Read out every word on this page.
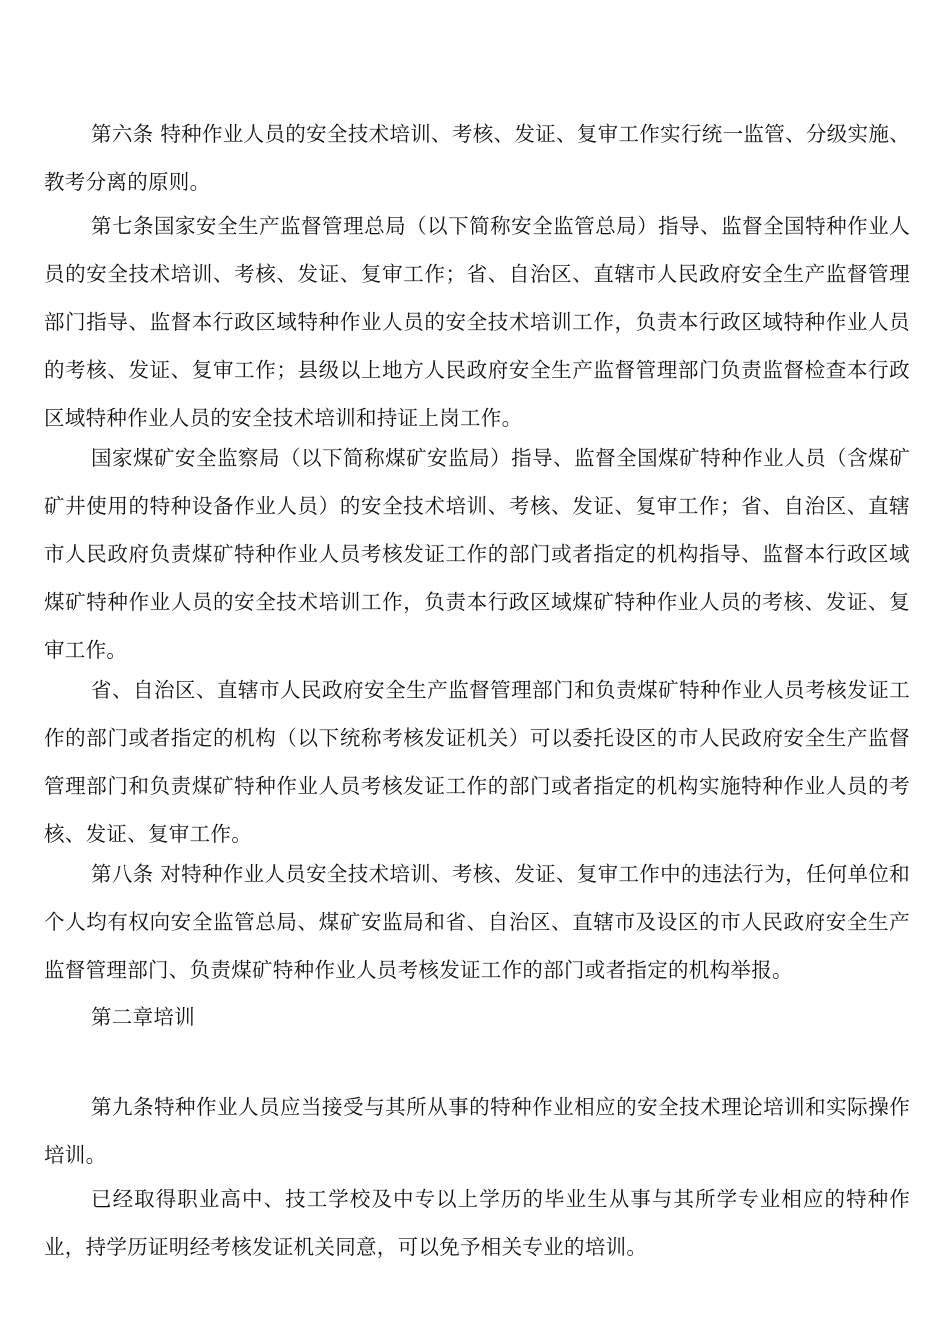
第六条 特种作业人员的安全技术培训、考核、发证、复审工作实行统一监管、分级实施、教考分离的原则。

第七条国家安全生产监督管理总局（以下简称安全监管总局）指导、监督全国特种作业人员的安全技术培训、考核、发证、复审工作；省、自治区、直辖市人民政府安全生产监督管理部门指导、监督本行政区域特种作业人员的安全技术培训工作，负责本行政区域特种作业人员的考核、发证、复审工作；县级以上地方人民政府安全生产监督管理部门负责监督检查本行政区域特种作业人员的安全技术培训和持证上岗工作。

国家煤矿安全监察局（以下简称煤矿安监局）指导、监督全国煤矿特种作业人员（含煤矿矿井使用的特种设备作业人员）的安全技术培训、考核、发证、复审工作；省、自治区、直辖市人民政府负责煤矿特种作业人员考核发证工作的部门或者指定的机构指导、监督本行政区域煤矿特种作业人员的安全技术培训工作，负责本行政区域煤矿特种作业人员的考核、发证、复审工作。

省、自治区、直辖市人民政府安全生产监督管理部门和负责煤矿特种作业人员考核发证工作的部门或者指定的机构（以下统称考核发证机关）可以委托设区的市人民政府安全生产监督管理部门和负责煤矿特种作业人员考核发证工作的部门或者指定的机构实施特种作业人员的考核、发证、复审工作。

第八条 对特种作业人员安全技术培训、考核、发证、复审工作中的违法行为，任何单位和个人均有权向安全监管总局、煤矿安监局和省、自治区、直辖市及设区的市人民政府安全生产监督管理部门、负责煤矿特种作业人员考核发证工作的部门或者指定的机构举报。

第二章培训

第九条特种作业人员应当接受与其所从事的特种作业相应的安全技术理论培训和实际操作培训。

已经取得职业高中、技工学校及中专以上学历的毕业生从事与其所学专业相应的特种作业，持学历证明经考核发证机关同意，可以免予相关专业的培训。
